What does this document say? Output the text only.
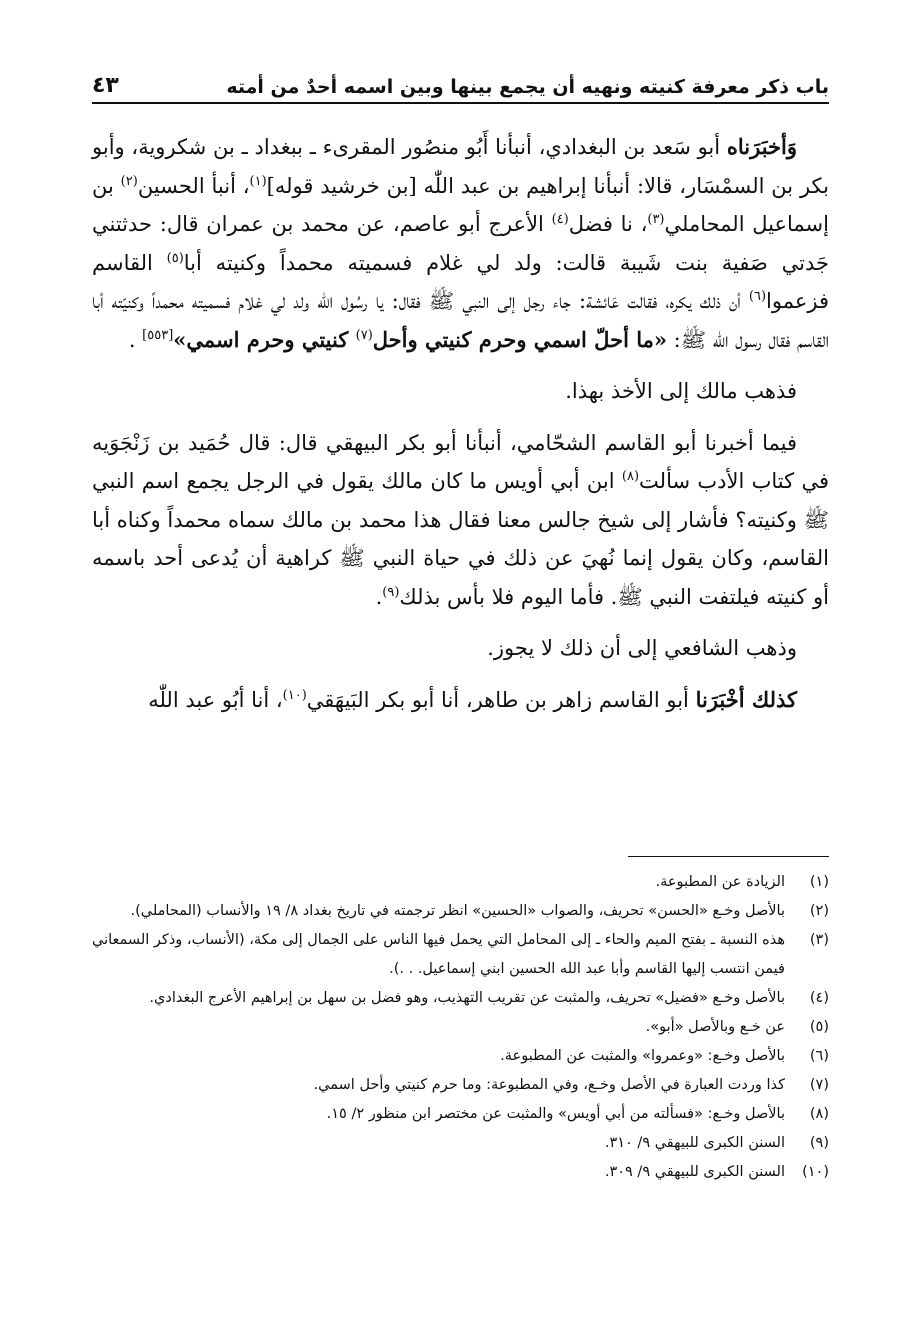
باب ذكر معرفة كنيته ونهيه أن يجمع بينها وبين اسمه أحدٌ من أمته
٤٣

وَأخبَرَناه أبو سَعد بن البغدادي، أنبأنا أَبُو منصُور المقرىء ـ ببغداد ـ بن شكروية، وأبو بكر بن السمْسَار، قالا: أنبأنا إبراهيم بن عبد اللّٰه [بن خرشيد قوله]$^{(١)}$، أنبأ الحسين$^{(٢)}$ بن إسماعيل المحاملي$^{(٣)}$، نا فضل$^{(٤)}$ الأعرج أبو عاصم، عن محمد بن عمران قال: حدثتني جَدتي صَفية بنت شَيبة قالت: ولد لي غلام فسميته محمداً وكنيته أبا$^{(٥)}$ القاسم فزعموا$^{(٦)}$ أن ذلك يكره، فقالت عَائشة: جاء رجل إلى النبي ﷺ فقال: يا رسُول الله ولد لي غلام فسميته محمداً وكنيّته أبا القاسم فقال رسول الله ﷺ: «ما أحلّ اسمي وحرم كنيتي وأحل$^{(٧)}$ كنيتي وحرم اسمي»[٥٥٣] .

فذهب مالك إلى الأخذ بهذا.

فيما أخبرنا أبو القاسم الشحّامي، أنبأنا أبو بكر البيهقي قال: قال حُمَيد بن زَنْجَوَيه في كتاب الأدب سألت$^{(٨)}$ ابن أبي أويس ما كان مالك يقول في الرجل يجمع اسم النبي ﷺ وكنيته؟ فأشار إلى شيخ جالس معنا فقال هذا محمد بن مالك سماه محمداً وكناه أبا القاسم، وكان يقول إنما نُهيَ عن ذلك في حياة النبي ﷺ كراهية أن يُدعى أحد باسمه أو كنيته فيلتفت النبي ﷺ. فأما اليوم فلا بأس بذلك$^{(٩)}$.

وذهب الشافعي إلى أن ذلك لا يجوز.

كذلك أخْبَرَنا أبو القاسم زاهر بن طاهر، أنا أبو بكر البَيهَقي$^{(١٠)}$، أنا أبُو عبد اللّٰه

(١)
الزيادة عن المطبوعة.
(٢)
بالأصل وخـع «الحسن» تحريف، والصواب «الحسين» انظر ترجمته في تاريخ بغداد ٨/ ١٩ والأنساب (المحاملي).
(٣)
هذه النسبة ـ بفتح الميم والحاء ـ إلى المحامل التي يحمل فيها الناس على الجمال إلى مكة، (الأنساب، وذكر السمعاني فيمن انتسب إليها القاسم وأبا عبد الله الحسين ابني إسماعيل. . .).
(٤)
بالأصل وخـع «فضيل» تحريف، والمثبت عن تقريب التهذيب، وهو فضل بن سهل بن إبراهيم الأعرج البغدادي.
(٥)
عن خـع وبالأصل «أبو».
(٦)
بالأصل وخـع: «وعمروا» والمثبت عن المطبوعة.
(٧)
كذا وردت العبارة في الأصل وخـع، وفي المطبوعة: وما حرم كنيتي وأحل اسمي.
(٨)
بالأصل وخـع: «فسألته من أبي أويس» والمثبت عن مختصر ابن منظور ٢/ ١٥.
(٩)
السنن الكبرى للبيهقي ٩/ ٣١٠.
(١٠)
السنن الكبرى للبيهقي ٩/ ٣٠٩.
